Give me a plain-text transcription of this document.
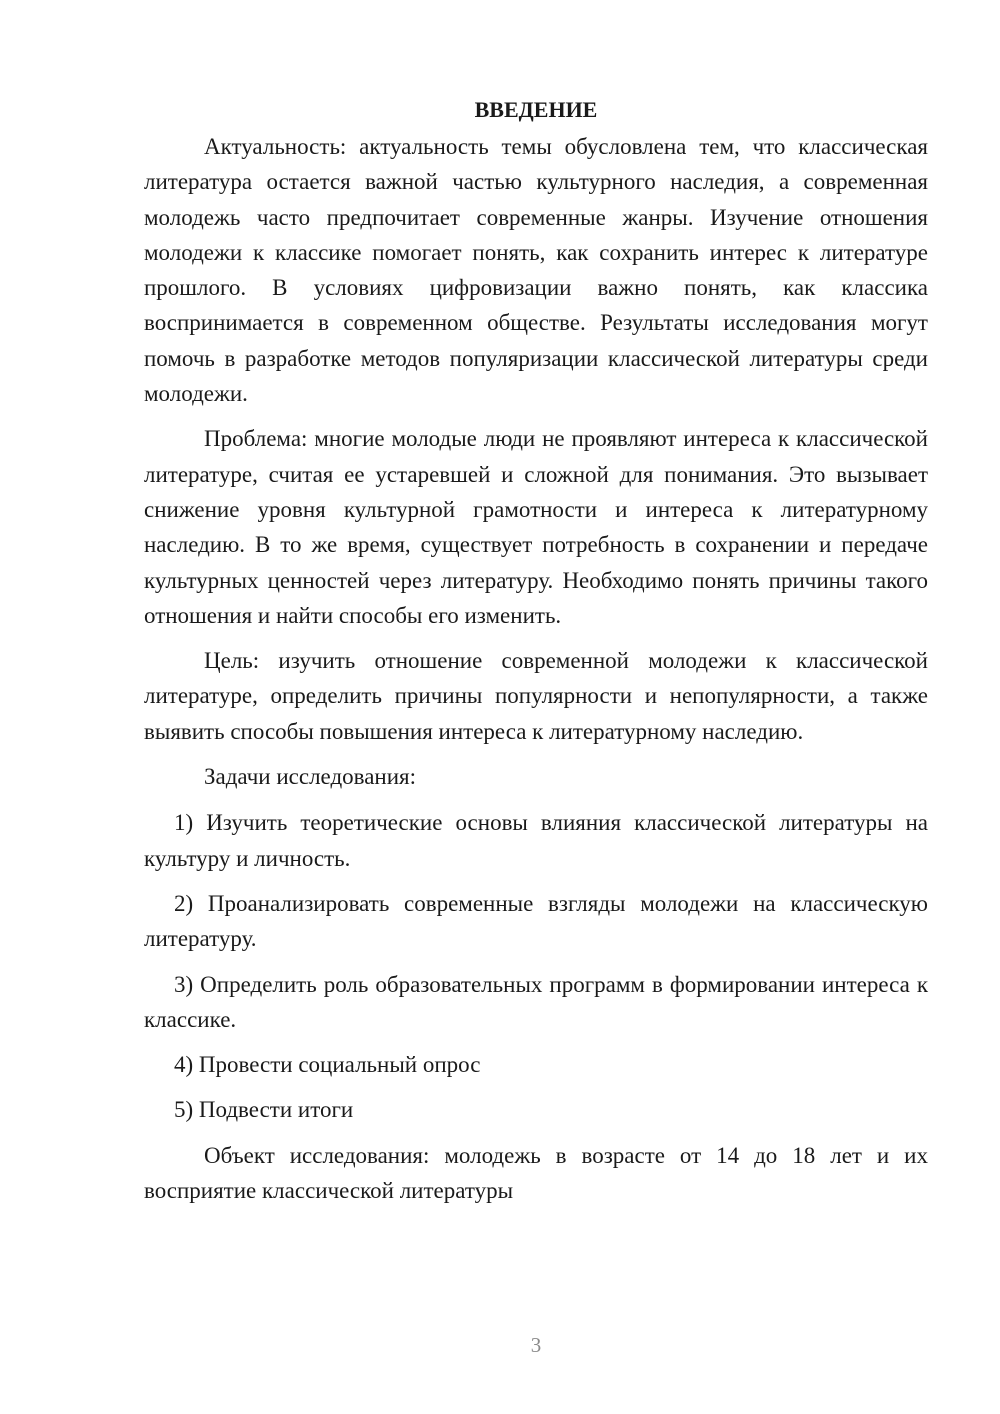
ВВЕДЕНИЕ

Актуальность: актуальность темы обусловлена тем, что классическая литература остается важной частью культурного наследия, а современная молодежь часто предпочитает современные жанры. Изучение отношения молодежи к классике помогает понять, как сохранить интерес к литературе прошлого. В условиях цифровизации важно понять, как классика воспринимается в современном обществе. Результаты исследования могут помочь в разработке методов популяризации классической литературы среди молодежи.

Проблема: многие молодые люди не проявляют интереса к классической литературе, считая ее устаревшей и сложной для понимания. Это вызывает снижение уровня культурной грамотности и интереса к литературному наследию. В то же время, существует потребность в сохранении и передаче культурных ценностей через литературу. Необходимо понять причины такого отношения и найти способы его изменить.

Цель: изучить отношение современной молодежи к классической литературе, определить причины популярности и непопулярности, а также выявить способы повышения интереса к литературному наследию.

Задачи исследования:

1) Изучить теоретические основы влияния классической литературы на культуру и личность.

2) Проанализировать современные взгляды молодежи на классическую литературу.

3) Определить роль образовательных программ в формировании интереса к классике.

4) Провести социальный опрос

5) Подвести итоги

Объект исследования: молодежь в возрасте от 14 до 18 лет и их восприятие классической литературы

3
